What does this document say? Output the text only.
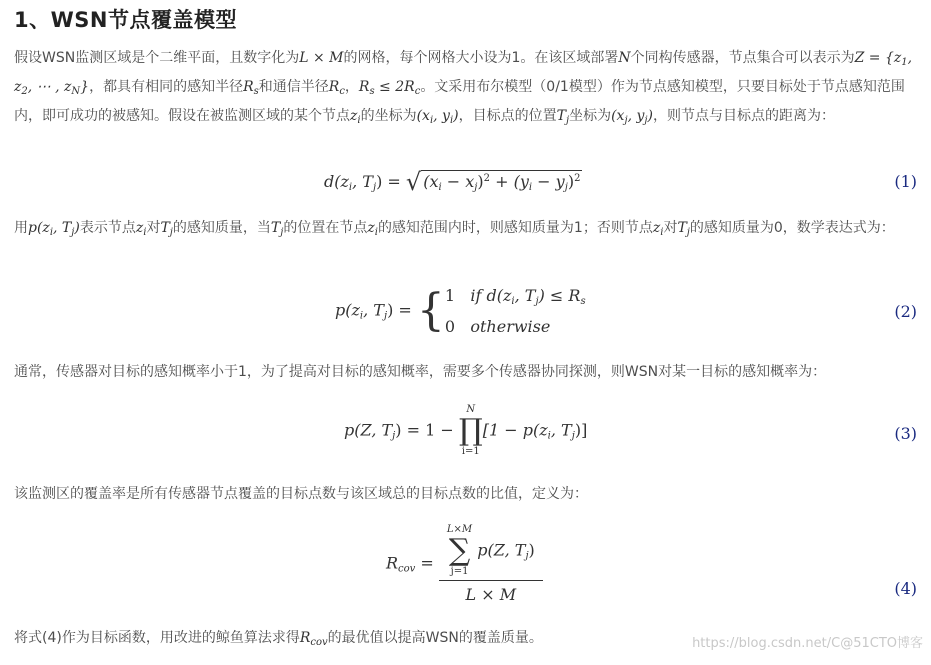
1、WSN节点覆盖模型

假设WSN监测区域是个二维平面，且数字化为L × M的网格，每个网格大小设为1。在该区域部署N个同构传感器，节点集合可以表示为$Z = \{z_1$, $z_2$, ⋯ , $z_N$}，都具有相同的感知半径$R_s$和通信半径$R_c$，$R_s \le 2R_c$。文采用布尔模型（0/1模型）作为节点感知模型，只要目标处于节点感知范围内，即可成功的被感知。假设在被监测区域的某个节点$z_i$的坐标为($x_i$, $y_i$)，目标点的位置$T_j$坐标为($x_j$, $y_j$)，则节点与目标点的距离为：

$d(z_i$, $T_j$) = √ $(x_i - x_j)^2 + (y_i - y_j)^2$	(1)

用$p(z_i$, $T_j$)表示节点$z_i$对$T_j$的感知质量，当$T_j$的位置在节点$z_i$的感知范围内时，则感知质量为1；否则节点$z_i$对$T_j$的感知质量为0，数学表达式为：

$p(z_i$, $T_j$) = { 1 if $d(z_i$, $T_j) \le R_s$
0 otherwise
(2)

通常，传感器对目标的感知概率小于1，为了提高对目标的感知概率，需要多个传感器协同探测，则WSN对某一目标的感知概率为：

p(Z, $T_j) = 1$ −
N
∏
i=1
[$1 - p(z_i$, $T_j$)]	(3)

该监测区的覆盖率是所有传感器节点覆盖的目标点数与该区域总的目标点数的比值，定义为：

$R_{cov} = L\times M$
∑
j=1
p(Z, $T_j$)
L × M	(4)

将式(4)作为目标函数，用改进的鲸鱼算法求得$R_{cov}$的最优值以提高WSN的覆盖质量。	https://blog.csdn.net/C@51CTO博客
